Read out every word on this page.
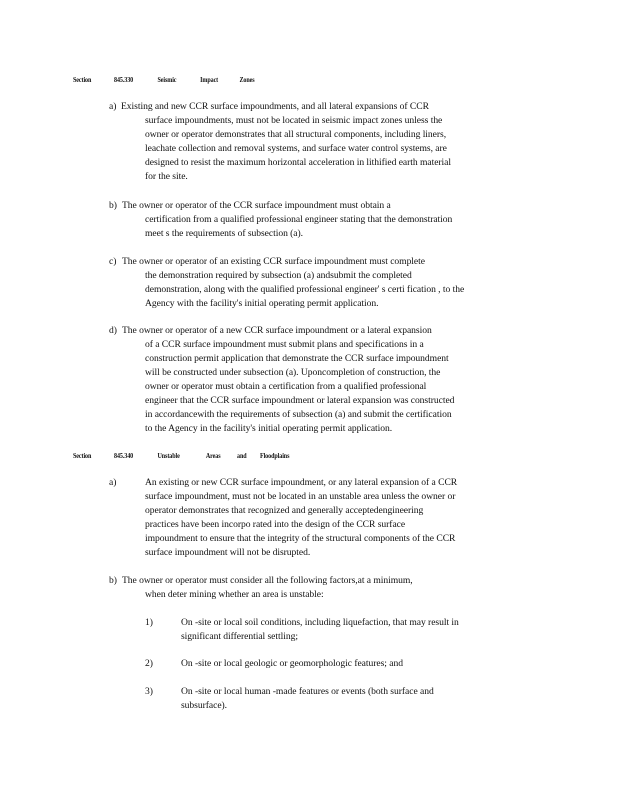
Section	845.330	Seismic	Impact	Zones
a) Existing and new CCR surface impoundments, and all lateral expansions of CCR
surface impoundments, must not be located in seismic impact zones unless the
owner or operator demonstrates that all structural components, including liners,
leachate collection and removal systems, and surface water control systems, are
designed to resist the maximum horizontal acceleration in lithified earth material
for the site.
b) The owner or operator of the CCR surface impoundment must obtain a
certification from a qualified professional engineer stating that the demonstration
meet s the requirements of subsection (a).
c) The owner or operator of an existing CCR surface impoundment must complete
the demonstration required by subsection (a) andsubmit the completed
demonstration, along with the qualified professional engineer' s certi fication , to the
Agency with the facility's initial operating permit application.
d) The owner or operator of a new CCR surface impoundment or a lateral expansion
of a CCR surface impoundment must submit plans and specifications in a
construction permit application that demonstrate the CCR surface impoundment
will be constructed under subsection (a). Uponcompletion of construction, the
owner or operator must obtain a certification from a qualified professional
engineer that the CCR surface impoundment or lateral expansion was constructed
in accordancewith the requirements of subsection (a) and submit the certification
to the Agency in the facility's initial operating permit application.
Section	845.340	Unstable	Areas and Floodplains
a)	An existing or new CCR surface impoundment, or any lateral expansion of a CCR
surface impoundment, must not be located in an unstable area unless the owner or
operator demonstrates that recognized and generally acceptedengineering
practices have been incorpo rated into the design of the CCR surface
impoundment to ensure that the integrity of the structural components of the CCR
surface impoundment will not be disrupted.
b) The owner or operator must consider all the following factors,at a minimum,
when deter mining whether an area is unstable:
1)	On -site or local soil conditions, including liquefaction, that may result in
significant differential settling;
2)	On -site or local geologic or geomorphologic features; and
3)	On -site or local human -made features or events (both surface and
subsurface).
